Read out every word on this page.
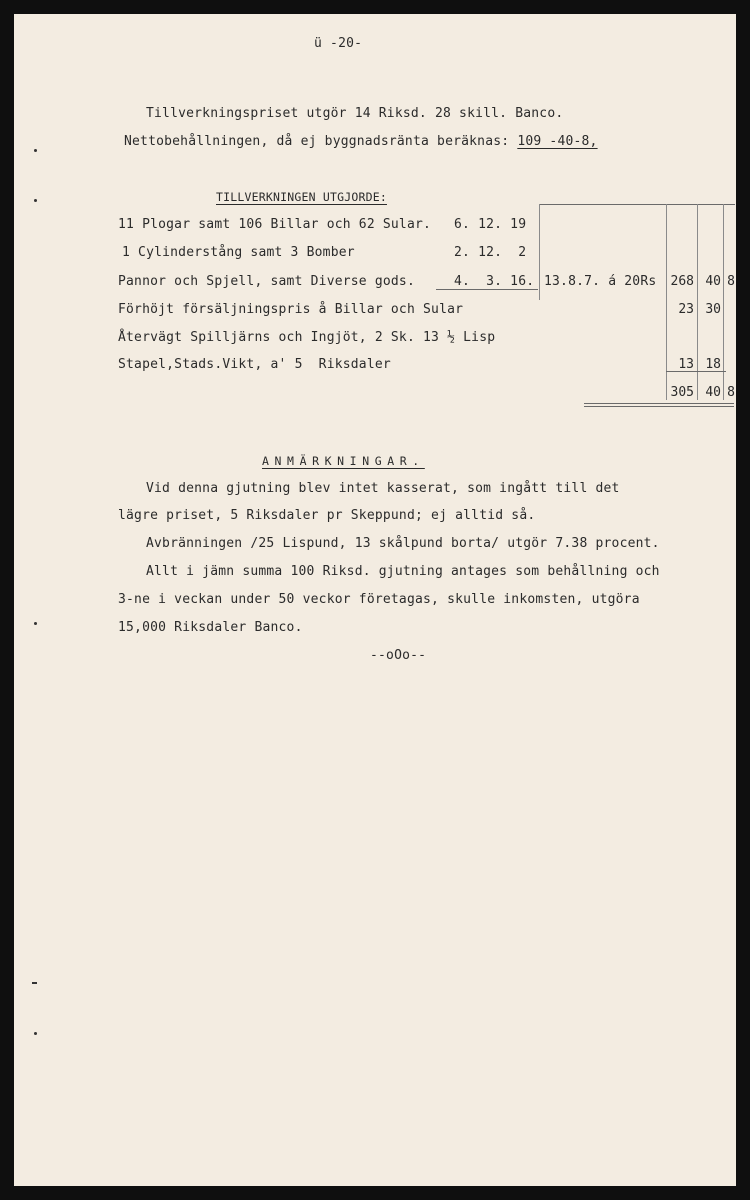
ü -20-
Tillverkningspriset utgör 14 Riksd. 28 skill. Banco.
Nettobehållningen, då ej byggnadsränta beräknas: 109 -40-8,
TILLVERKNINGEN UTGJORDE:
11 Plogar samt 106 Billar och 62 Sular. 6. 12. 19
1 Cylinderstång samt 3 Bomber	2. 12.  2
Pannor och Spjell, samt Diverse gods.	4.  3. 16. 13.8.7. á 20Rs	268 40 8
Förhöjt försäljningspris å Billar och Sular	23 30
Återvägt Spilljärns och Ingjöt, 2 Sk. 13 ½ Lisp
Stapel,Stads.Vikt, a' 5  Riksdaler	13 18
305 40 8
ANMÄRKNINGAR.
Vid denna gjutning blev intet kasserat, som ingått till det
lägre priset, 5 Riksdaler pr Skeppund; ej alltid så.
Avbränningen /25 Lispund, 13 skålpund borta/ utgör 7.38 procent.
Allt i jämn summa 100 Riksd. gjutning antages som behållning och
3-ne i veckan under 50 veckor företagas, skulle inkomsten, utgöra
15,000 Riksdaler Banco.
--oOo--
